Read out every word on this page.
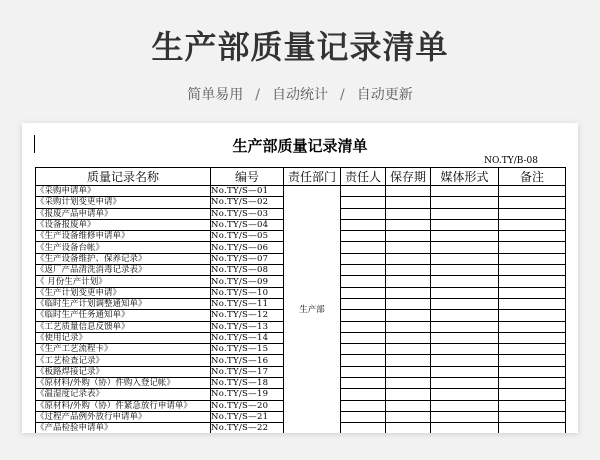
生产部质量记录清单
简单易用 / 自动统计 / 自动更新
生产部质量记录清单
NO.TY/B-08
质量记录名称	编号	责任部门	责任人	保存期	媒体形式	备注
《采购申请单》	No.TY/S—01	生产部				
《采购计划变更申请》	No.TY/S—02					
《报废产品申请单》	No.TY/S—03					
《设备报废单》	No.TY/S—04					
《生产设备维修申请单》	No.TY/S—05					
《生产设备台帐》	No.TY/S—06					
《生产设备维护、保养记录》	No.TY/S—07					
《返厂产品清洗消毒记录表》	No.TY/S—08					
《 月份生产计划》	No.TY/S—09					
《生产计划变更申请》	No.TY/S—10					
《临时生产计划调整通知单》	No.TY/S—11					
《临时生产任务通知单》	No.TY/S—12					
《工艺质量信息反馈单》	No.TY/S—13					
《使用记录》	No.TY/S—14					
《生产工艺流程卡》	No.TY/S—15					
《工艺检查记录》	No.TY/S—16					
《板路焊接记录》	No.TY/S—17					
《原材料/外购（协）件购入登记帐》	No.TY/S—18					
《温湿度记录表》	No.TY/S—19					
《原材料/外购（协）件紧急放行申请单》	No.TY/S—20					
《过程产品例外放行申请单》	No.TY/S—21					
《产品检验申请单》	No.TY/S—22					
